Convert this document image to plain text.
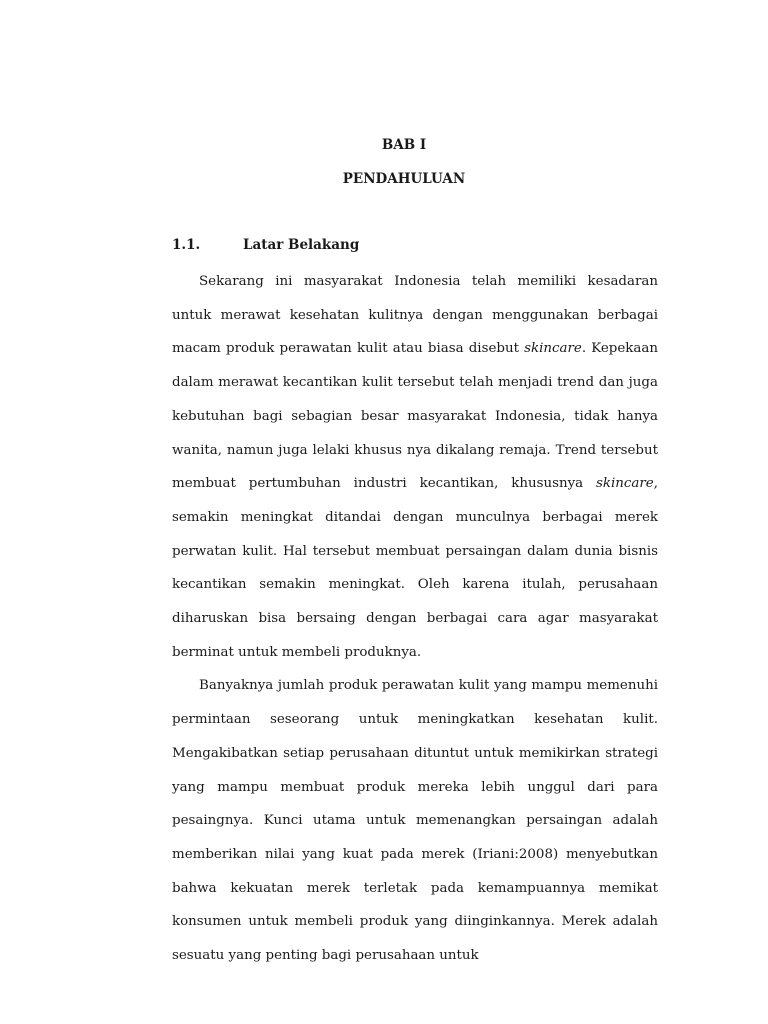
BAB I
PENDAHULUAN
1.1.	Latar Belakang

Sekarang ini masyarakat Indonesia telah memiliki kesadaran untuk merawat kesehatan kulitnya dengan menggunakan berbagai macam produk perawatan kulit atau biasa disebut skincare. Kepekaan dalam merawat kecantikan kulit tersebut telah menjadi trend dan juga kebutuhan bagi sebagian besar masyarakat Indonesia, tidak hanya wanita, namun juga lelaki khusus nya dikalang remaja. Trend tersebut membuat pertumbuhan industri kecantikan, khususnya skincare, semakin meningkat ditandai dengan munculnya berbagai merek perwatan kulit. Hal tersebut membuat persaingan dalam dunia bisnis kecantikan semakin meningkat. Oleh karena itulah, perusahaan diharuskan bisa bersaing dengan berbagai cara agar masyarakat berminat untuk membeli produknya.

Banyaknya jumlah produk perawatan kulit yang mampu memenuhi permintaan seseorang untuk meningkatkan kesehatan kulit. Mengakibatkan setiap perusahaan dituntut untuk memikirkan strategi yang mampu membuat produk mereka lebih unggul dari para pesaingnya. Kunci utama untuk memenangkan persaingan adalah memberikan nilai yang kuat pada merek (Iriani:2008) menyebutkan bahwa kekuatan merek terletak pada kemampuannya memikat konsumen untuk membeli produk yang diinginkannya. Merek adalah sesuatu yang penting bagi perusahaan untuk
